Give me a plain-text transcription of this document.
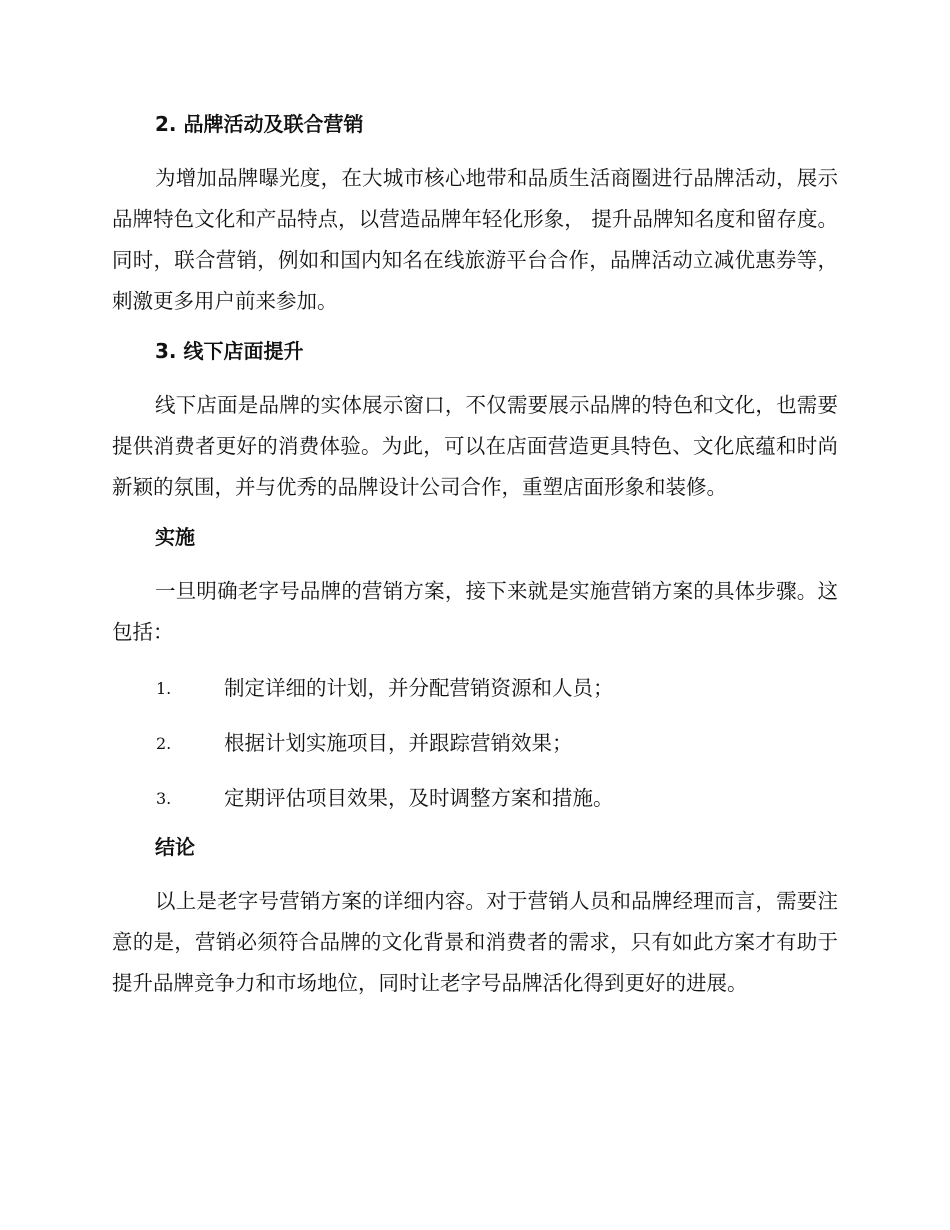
2. 品牌活动及联合营销

为增加品牌曝光度，在大城市核心地带和品质生活商圈进行品牌活动，展示品牌特色文化和产品特点，以营造品牌年轻化形象， 提升品牌知名度和留存度。同时，联合营销，例如和国内知名在线旅游平台合作，品牌活动立减优惠券等，刺激更多用户前来参加。

3. 线下店面提升

线下店面是品牌的实体展示窗口，不仅需要展示品牌的特色和文化，也需要提供消费者更好的消费体验。为此，可以在店面营造更具特色、文化底蕴和时尚新颖的氛围，并与优秀的品牌设计公司合作，重塑店面形象和装修。

实施

一旦明确老字号品牌的营销方案，接下来就是实施营销方案的具体步骤。这包括：

1.	制定详细的计划，并分配营销资源和人员；
2.	根据计划实施项目，并跟踪营销效果；
3.	定期评估项目效果，及时调整方案和措施。
结论

以上是老字号营销方案的详细内容。对于营销人员和品牌经理而言，需要注意的是，营销必须符合品牌的文化背景和消费者的需求，只有如此方案才有助于提升品牌竞争力和市场地位，同时让老字号品牌活化得到更好的进展。
